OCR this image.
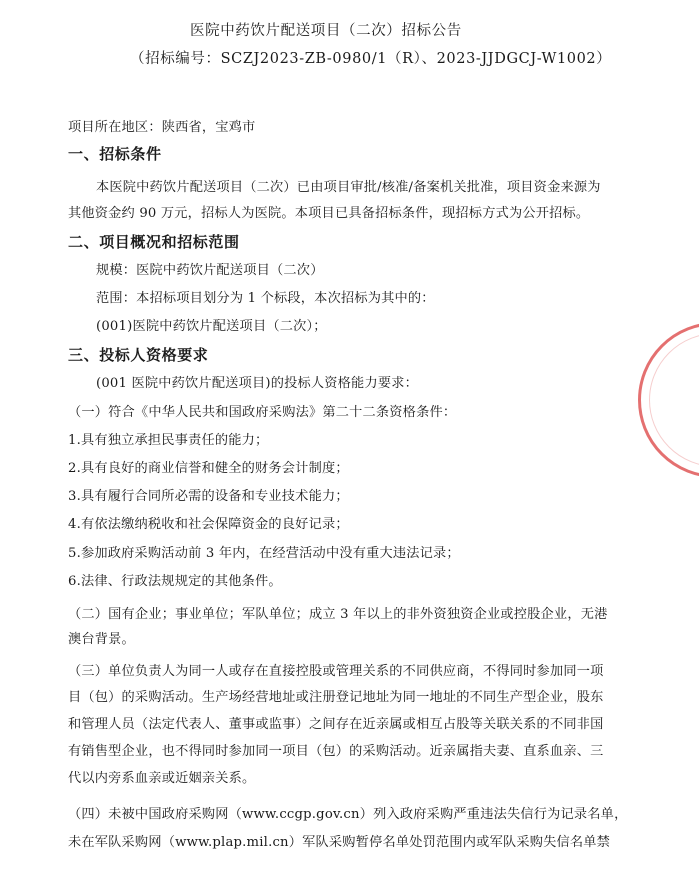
医院中药饮片配送项目（二次）招标公告
（招标编号：SCZJ2023-ZB-0980/1（R）、2023-JJDGCJ-W1002）
项目所在地区：陕西省，宝鸡市
一、招标条件
本医院中药饮片配送项目（二次）已由项目审批/核准/备案机关批准，项目资金来源为
其他资金约 90 万元，招标人为医院。本项目已具备招标条件，现招标方式为公开招标。
二、项目概况和招标范围
规模：医院中药饮片配送项目（二次）
范围：本招标项目划分为 1 个标段，本次招标为其中的：
(001)医院中药饮片配送项目（二次）；
三、投标人资格要求
(001 医院中药饮片配送项目)的投标人资格能力要求：
（一）符合《中华人民共和国政府采购法》第二十二条资格条件：
1.具有独立承担民事责任的能力；
2.具有良好的商业信誉和健全的财务会计制度；
3.具有履行合同所必需的设备和专业技术能力；
4.有依法缴纳税收和社会保障资金的良好记录；
5.参加政府采购活动前 3 年内，在经营活动中没有重大违法记录；
6.法律、行政法规规定的其他条件。
（二）国有企业；事业单位；军队单位；成立 3 年以上的非外资独资企业或控股企业，无港
澳台背景。
（三）单位负责人为同一人或存在直接控股或管理关系的不同供应商，不得同时参加同一项
目（包）的采购活动。生产场经营地址或注册登记地址为同一地址的不同生产型企业，股东
和管理人员（法定代表人、董事或监事）之间存在近亲属或相互占股等关联关系的不同非国
有销售型企业，也不得同时参加同一项目（包）的采购活动。近亲属指夫妻、直系血亲、三
代以内旁系血亲或近姻亲关系。
（四）未被中国政府采购网（www.ccgp.gov.cn）列入政府采购严重违法失信行为记录名单，
未在军队采购网（www.plap.mil.cn）军队采购暂停名单处罚范围内或军队采购失信名单禁
